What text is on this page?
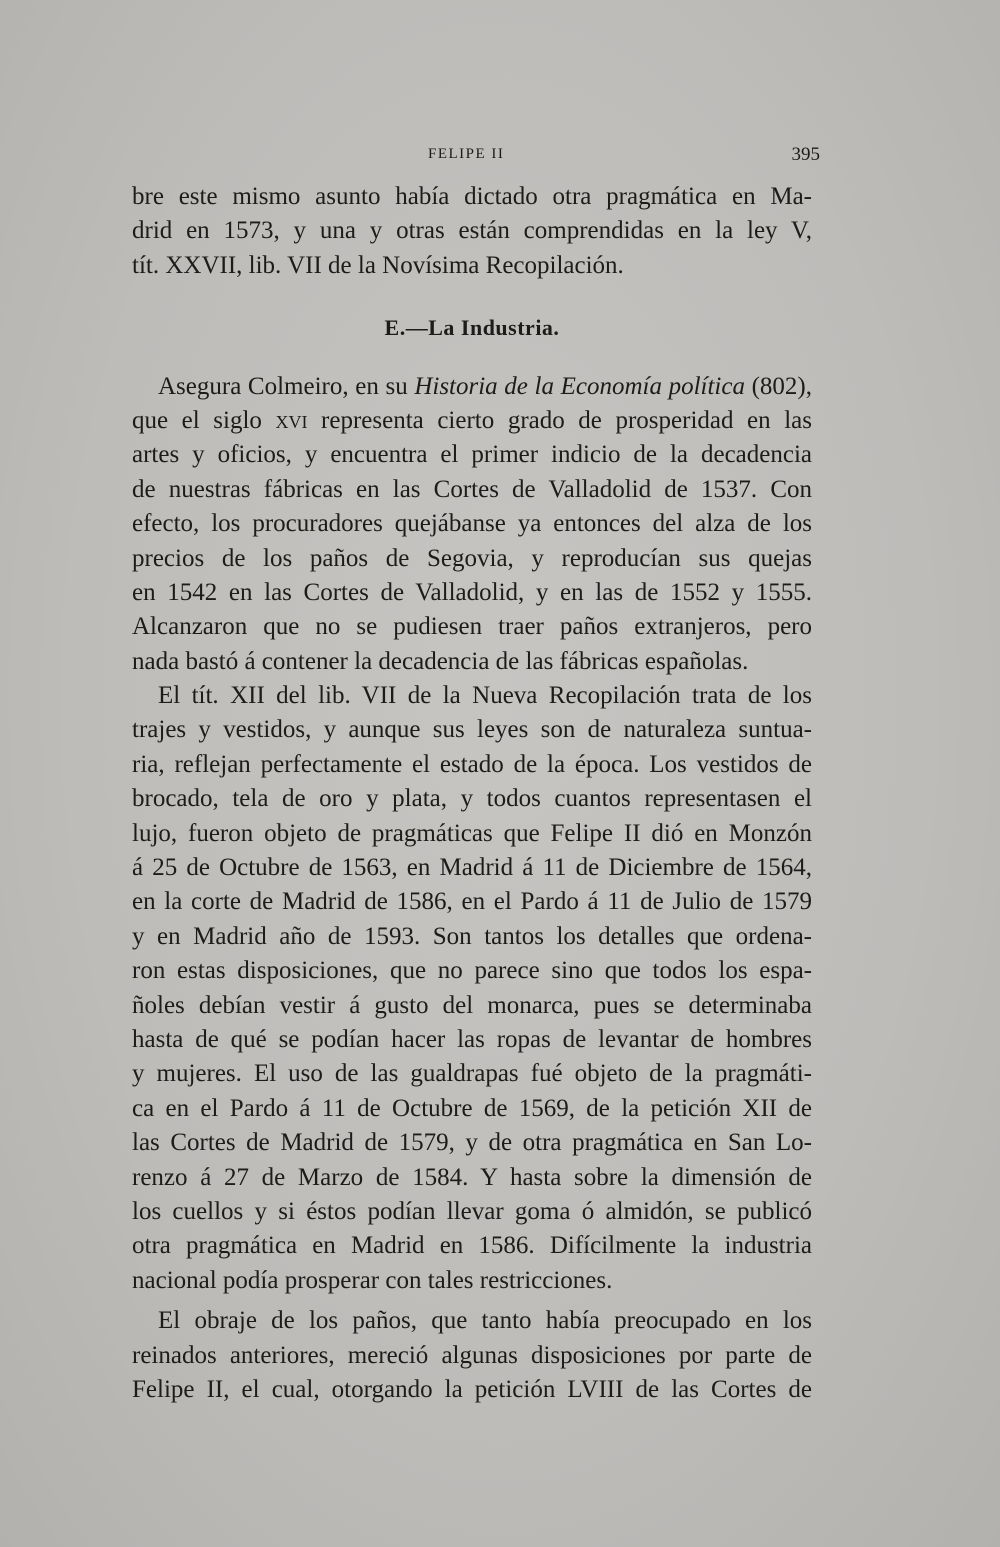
FELIPE II	395
bre este mismo asunto había dictado otra pragmática en Ma-
drid en 1573, y una y otras están comprendidas en la ley V,
tít. XXVII, lib. VII de la Novísima Recopilación.
E.—La Industria.
Asegura Colmeiro, en su Historia de la Economía política (802),
que el siglo xvi representa cierto grado de prosperidad en las
artes y oficios, y encuentra el primer indicio de la decadencia
de nuestras fábricas en las Cortes de Valladolid de 1537. Con
efecto, los procuradores quejábanse ya entonces del alza de los
precios de los paños de Segovia, y reproducían sus quejas
en 1542 en las Cortes de Valladolid, y en las de 1552 y 1555.
Alcanzaron que no se pudiesen traer paños extranjeros, pero
nada bastó á contener la decadencia de las fábricas españolas.
El tít. XII del lib. VII de la Nueva Recopilación trata de los
trajes y vestidos, y aunque sus leyes son de naturaleza suntua-
ria, reflejan perfectamente el estado de la época. Los vestidos de
brocado, tela de oro y plata, y todos cuantos representasen el
lujo, fueron objeto de pragmáticas que Felipe II dió en Monzón
á 25 de Octubre de 1563, en Madrid á 11 de Diciembre de 1564,
en la corte de Madrid de 1586, en el Pardo á 11 de Julio de 1579
y en Madrid año de 1593. Son tantos los detalles que ordena-
ron estas disposiciones, que no parece sino que todos los espa-
ñoles debían vestir á gusto del monarca, pues se determinaba
hasta de qué se podían hacer las ropas de levantar de hombres
y mujeres. El uso de las gualdrapas fué objeto de la pragmáti-
ca en el Pardo á 11 de Octubre de 1569, de la petición XII de
las Cortes de Madrid de 1579, y de otra pragmática en San Lo-
renzo á 27 de Marzo de 1584. Y hasta sobre la dimensión de
los cuellos y si éstos podían llevar goma ó almidón, se publicó
otra pragmática en Madrid en 1586. Difícilmente la industria
nacional podía prosperar con tales restricciones.
El obraje de los paños, que tanto había preocupado en los
reinados anteriores, mereció algunas disposiciones por parte de
Felipe II, el cual, otorgando la petición LVIII de las Cortes de
